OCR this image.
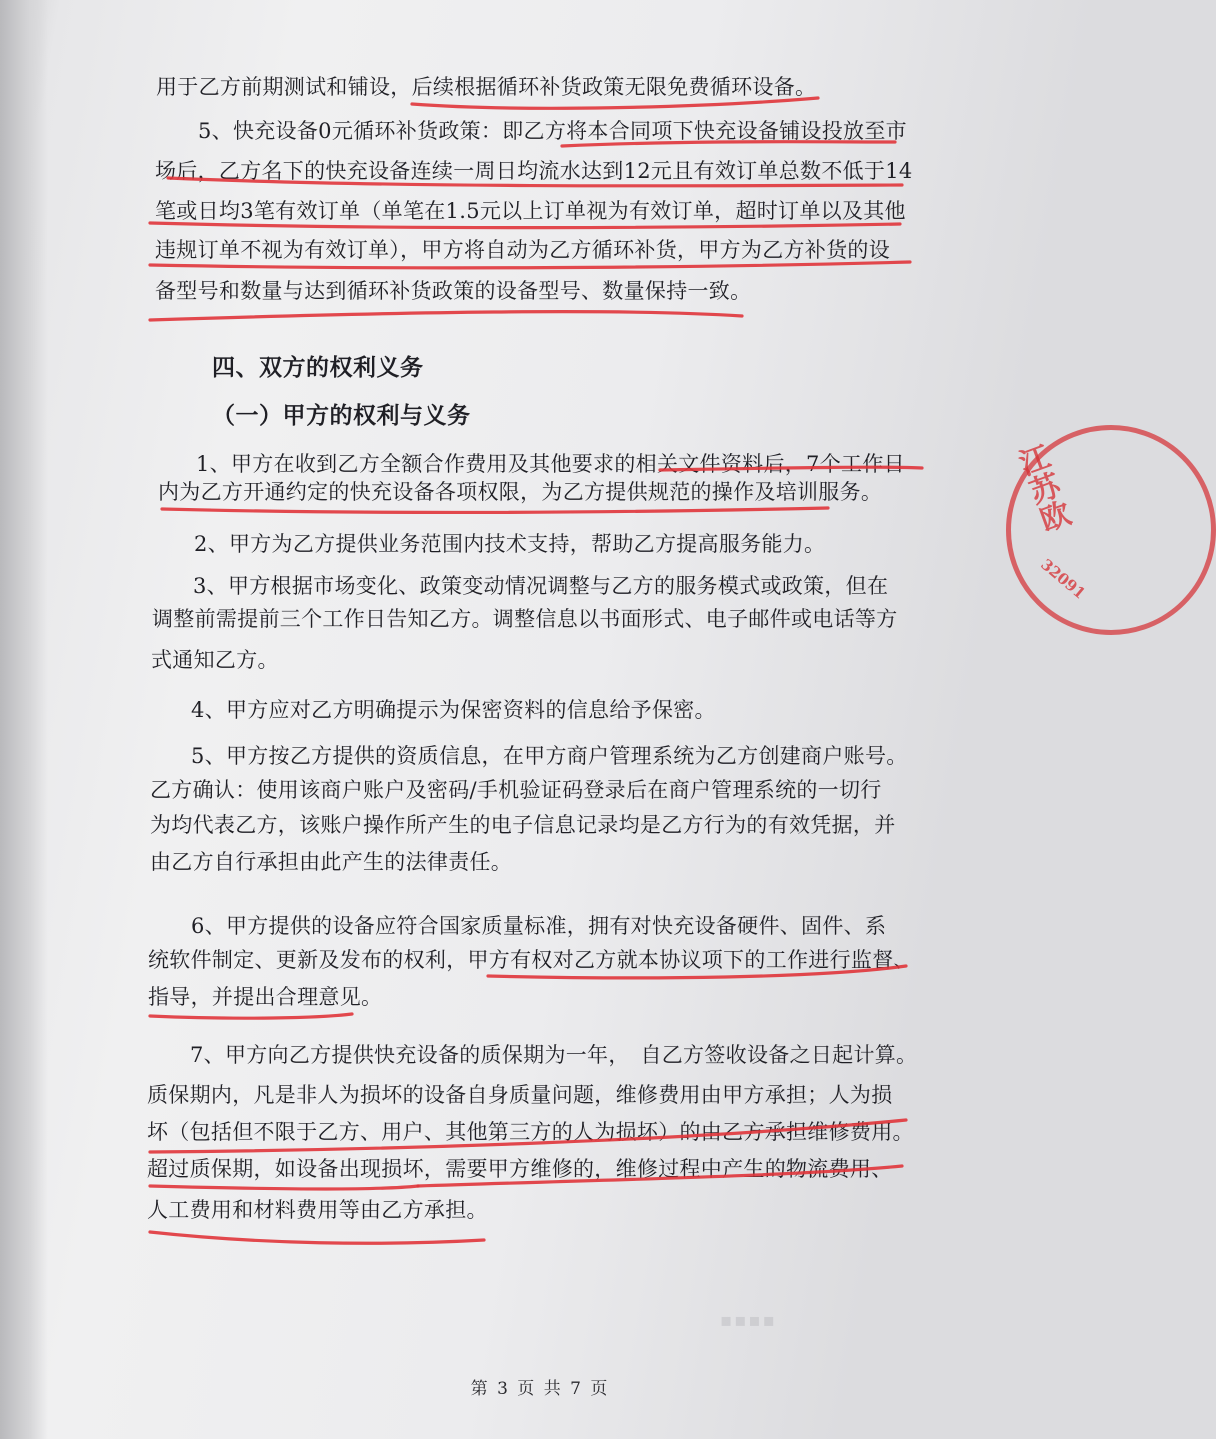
用于乙方前期测试和铺设，后续根据循环补货政策无限免费循环设备。

5、快充设备0元循环补货政策：即乙方将本合同项下快充设备铺设投放至市

场后，乙方名下的快充设备连续一周日均流水达到12元且有效订单总数不低于14

笔或日均3笔有效订单（单笔在1.5元以上订单视为有效订单，超时订单以及其他

违规订单不视为有效订单），甲方将自动为乙方循环补货，甲方为乙方补货的设

备型号和数量与达到循环补货政策的设备型号、数量保持一致。

四、双方的权利义务

（一）甲方的权利与义务

1、甲方在收到乙方全额合作费用及其他要求的相关文件资料后，7个工作日

内为乙方开通约定的快充设备各项权限，为乙方提供规范的操作及培训服务。

2、甲方为乙方提供业务范围内技术支持，帮助乙方提高服务能力。

3、甲方根据市场变化、政策变动情况调整与乙方的服务模式或政策，但在

调整前需提前三个工作日告知乙方。调整信息以书面形式、电子邮件或电话等方

式通知乙方。

4、甲方应对乙方明确提示为保密资料的信息给予保密。

5、甲方按乙方提供的资质信息，在甲方商户管理系统为乙方创建商户账号。

乙方确认：使用该商户账户及密码/手机验证码登录后在商户管理系统的一切行

为均代表乙方，该账户操作所产生的电子信息记录均是乙方行为的有效凭据，并

由乙方自行承担由此产生的法律责任。

6、甲方提供的设备应符合国家质量标准，拥有对快充设备硬件、固件、系

统软件制定、更新及发布的权利，甲方有权对乙方就本协议项下的工作进行监督、

指导，并提出合理意见。

7、甲方向乙方提供快充设备的质保期为一年，　自乙方签收设备之日起计算。

质保期内，凡是非人为损坏的设备自身质量问题，维修费用由甲方承担；人为损

坏（包括但不限于乙方、用户、其他第三方的人为损坏）的由乙方承担维修费用。

超过质保期，如设备出现损坏，需要甲方维修的，维修过程中产生的物流费用、

人工费用和材料费用等由乙方承担。

江苏欧
32091
▪▪▪▪
第 3 页 共 7 页
